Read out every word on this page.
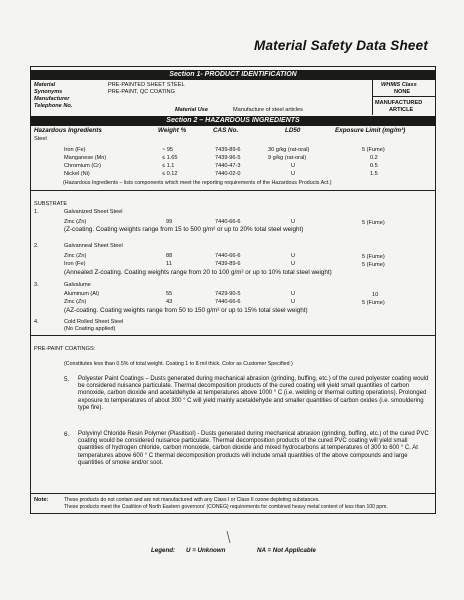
Material Safety Data Sheet
Section 1- PRODUCT IDENTIFICATION
Material	PRE-PAINTED SHEET STEEL
Synonyms	PRE-PAINT, QC COATING
Manufacturer
Telephone No.
Material Use	Manufacture of steel articles
WHMIS Class
NONE
MANUFACTURED
ARTICLE
Section 2 – HAZARDOUS INGREDIENTS
Hazardous Ingredients	Weight %	CAS No.	LD50	Exposure Limit (mg/m³)
Steel
Iron (Fe)	~ 95	7439-89-6	30 g/kg (rat-oral)	5 (Fume)
Manganese (Mn)	≤ 1.65	7439-96-5	9 g/kg (rat-oral)	0.2
Chromium (Cr)	≤ 1.1	7440-47-3	U	0.5
Nickel (Ni)	≤ 0.12	7440-02-0	U	1.5
(Hazardous Ingredients – lists components which meet the reporting requirements of the Hazardous Products Act.)
SUBSTRATE
1.	Galvanized Sheet Steel
Zinc (Zn)	99	7440-66-6	U	5 (Fume)
(Z-coating. Coating weights range from 15 to 500 g/m² or up to 20% total steel weight)
2.	Galvanneal Sheet Steel
Zinc (Zn)	88	7440-66-6	U	5 (Fume)
Iron (Fe)	11	7439-89-6	U	5 (Fume)
(Annealed Z-coating. Coating weights range from 20 to 100 g/m² or up to 10% total steel weight)
3.	Galvalume
Aluminum (Al)	55	7429-90-5	U	10
Zinc (Zn)	43	7440-66-6	U	5 (Fume)
(AZ-coating. Coating weights range from 50 to 150 g/m² or up to 15% total steel weight)
4.	Cold Rolled Sheet Steel
(No Coating applied)
PRE-PAINT COATINGS:
(Constitutes less than 0.5% of total weight. Coating 1 to 8 mil thick. Color as Customer Specified )
5. Polyester Paint Coatings – Dusts generated during mechanical abrasion (grinding, buffing, etc.) of the cured polyester coating would be considered nuisance particulate. Thermal decomposition products of the cured coating will yield small quantities of carbon monoxide, carbon dioxide and acetaldehyde at temperatures above 1000 ° C (i.e. welding or thermal cutting operations). Prolonged exposure to temperatures of about 300 ° C will yield mainly acetaldehyde and smaller quantities of carbon oxides (i.e. smouldering type fire).
6. Polyvinyl Chloride Resin Polymer (Plasitisol) - Dusts generated during mechanical abrasion (grinding, buffing, etc.) of the cured PVC coating would be considered nuisance particulate. Thermal decomposition products of the cured PVC coating will yield small quantities of hydrogen chloride, carbon monoxide, carbon dioxide and mixed hydrocarbons at temperatures of 300 to 600 ° C. At temperatures above 600 ° C thermal decomposition products will include small quantities of the above compounds and large quantities of smoke and/or soot.
Note:	These products do not contain and are not manufactured with any Class I or Class II ozone depleting substances.
These products meet the Coalition of North Eastern governors' (CONEG) requirements for combined heavy metal content of less than 100 ppm.
Legend: U = Unknown	NA = Not Applicable
